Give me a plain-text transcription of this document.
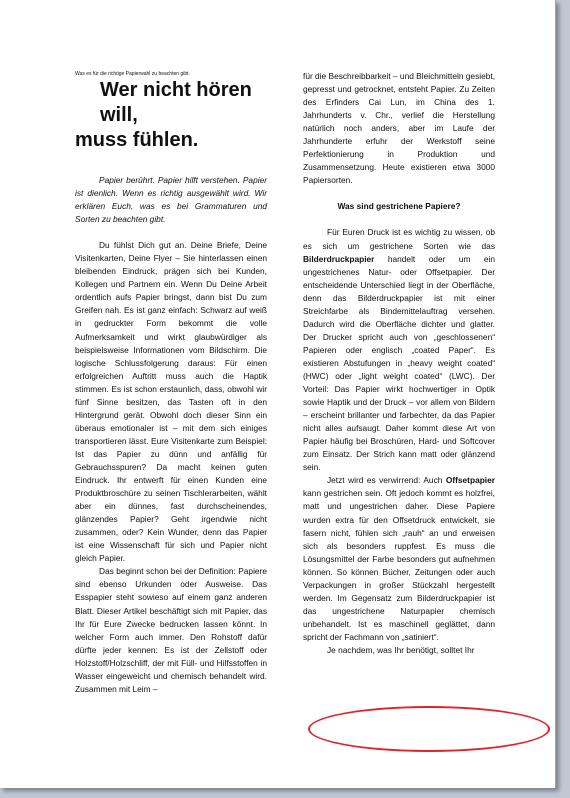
Was es für die richtige Papierwahl zu beachten gibt.

Wer nicht hören will,
muss fühlen.

Papier berührt. Papier hilft verstehen. Papier ist dienlich. Wenn es richtig ausgewählt wird. Wir erklären Euch, was es bei Grammaturen und Sorten zu beachten gibt.

Du fühlst Dich gut an. Deine Briefe, Deine Visitenkarten, Deine Flyer – Sie hinterlassen einen bleibenden Eindruck, prägen sich bei Kunden, Kollegen und Partnern ein. Wenn Du Deine Arbeit ordentlich aufs Papier bringst, dann bist Du zum Greifen nah. Es ist ganz einfach: Schwarz auf weiß in gedruckter Form bekommt die volle Aufmerksamkeit und wirkt glaubwürdiger als beispielsweise Informationen vom Bildschirm. Die logische Schlussfolgerung daraus: Für einen erfolgreichen Auftritt muss auch die Haptik stimmen. Es ist schon erstaunlich, dass, obwohl wir fünf Sinne besitzen, das Tasten oft in den Hintergrund gerät. Obwohl doch dieser Sinn ein überaus emotionaler ist – mit dem sich einiges transportieren lässt. Eure Visitenkarte zum Beispiel: Ist das Papier zu dünn und anfällig für Gebrauchsspuren? Da macht keinen guten Eindruck. Ihr entwerft für einen Kunden eine Produktbroschüre zu seinen Tischlerarbeiten, wählt aber ein dünnes, fast durchscheinendes, glänzendes Papier? Geht irgendwie nicht zusammen, oder? Kein Wunder, denn das Papier ist eine Wissenschaft für sich und Papier nicht gleich Papier.

Das beginnt schon bei der Definition: Papiere sind ebenso Urkunden oder Ausweise. Das Esspapier steht sowieso auf einem ganz anderen Blatt. Dieser Artikel beschäftigt sich mit Papier, das Ihr für Eure Zwecke bedrucken lassen könnt. In welcher Form auch immer. Den Rohstoff dafür dürfte jeder kennen: Es ist der Zellstoff oder Holzstoff/Holzschliff, der mit Füll- und Hilfsstoffen in Wasser eingeweicht und chemisch behandelt wird. Zusammen mit Leim –

für die Beschreibbarkeit – und Bleichmitteln gesiebt, gepresst und getrocknet, entsteht Papier. Zu Zeiten des Erfinders Cai Lun, im China des 1. Jahrhunderts v. Chr., verlief die Herstellung natürlich noch anders, aber im Laufe der Jahrhunderte erfuhr der Werkstoff seine Perfektionierung in Produktion und Zusammensetzung. Heute existieren etwa 3000 Papiersorten.

Was sind gestrichene Papiere?

Für Euren Druck ist es wichtig zu wissen, ob es sich um gestrichene Sorten wie das Bilderdruckpapier handelt oder um ein ungestrichenes Natur- oder Offsetpapier. Der entscheidende Unterschied liegt in der Oberfläche, denn das Bilderdruckpapier ist mit einer Streichfarbe als Bindemittelauftrag versehen. Dadurch wird die Oberfläche dichter und glatter. Der Drucker spricht auch von „geschlossenen“ Papieren oder englisch „coated Paper“. Es existieren Abstufungen in „heavy weight coated“ (HWC) oder „light weight coated“ (LWC). Der Vorteil: Das Papier wirkt hochwertiger in Optik sowie Haptik und der Druck – vor allem von Bildern – erscheint brillanter und farbechter, da das Papier nicht alles aufsaugt. Daher kommt diese Art von Papier häufig bei Broschüren, Hard- und Softcover zum Einsatz. Der Strich kann matt oder glänzend sein.

Jetzt wird es verwirrend: Auch Offsetpapier kann gestrichen sein. Oft jedoch kommt es holzfrei, matt und ungestrichen daher. Diese Papiere wurden extra für den Offsetdruck entwickelt, sie fasern nicht, fühlen sich „rauh“ an und erweisen sich als besonders ruppfest. Es muss die Lösungsmittel der Farbe besonders gut aufnehmen können. So können Bücher, Zeitungen oder auch Verpackungen in großer Stückzahl hergestellt werden. Im Gegensatz zum Bilderdruckpapier ist das ungestrichene Naturpapier chemisch unbehandelt. Ist es maschinell geglättet, dann spricht der Fachmann von „satiniert“.

Je nachdem, was Ihr benötigt, solltet Ihr
